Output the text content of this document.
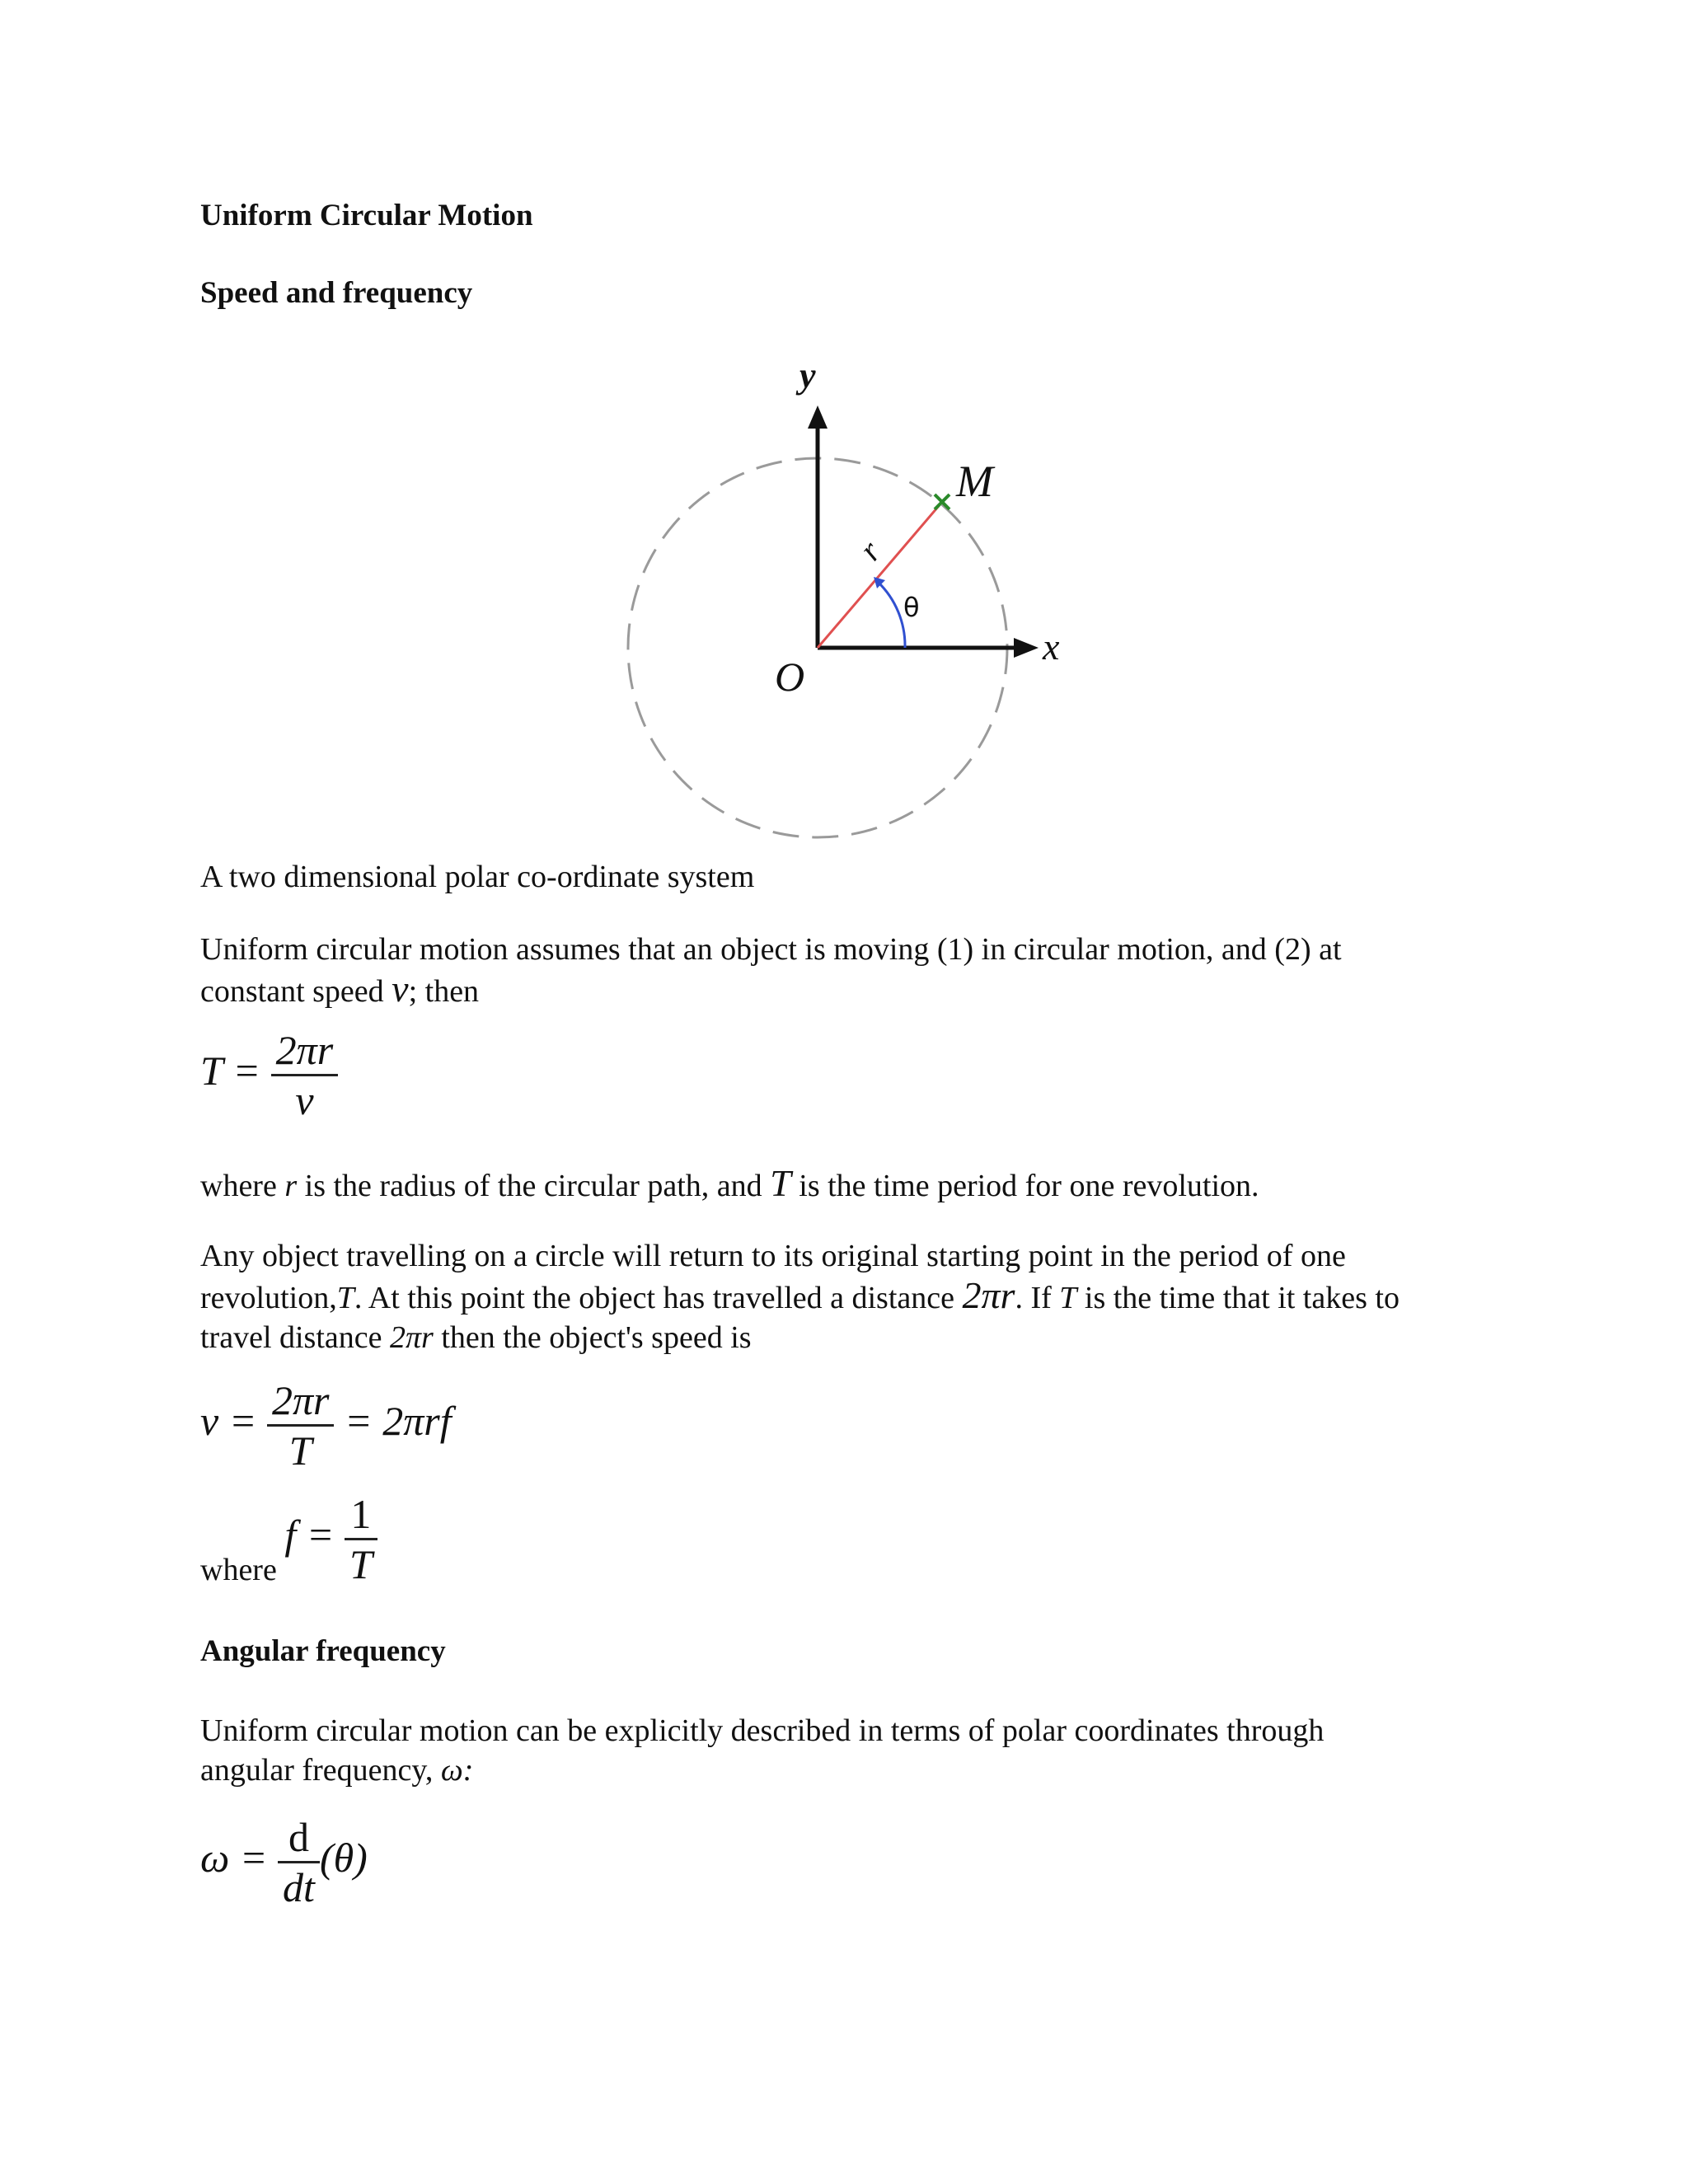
Uniform Circular Motion
Speed and frequency
y
x
O
M
r
θ
A two dimensional polar co-ordinate system
Uniform circular motion assumes that an object is moving (1) in circular motion, and (2) at
constant speed v; then
$T = \frac{2\pi r}{v}$
where r is the radius of the circular path, and T is the time period for one revolution.
Any object travelling on a circle will return to its original starting point in the period of one
revolution,T. At this point the object has travelled a distance 2πr. If T is the time that it takes to
travel distance 2πr then the object's speed is
$v = \frac{2\pi r}{T} = 2\pi rf$
where $f = \frac{1}{T}$
Angular frequency
Uniform circular motion can be explicitly described in terms of polar coordinates through
angular frequency, ω:
$\omega = \frac{d}{dt} (\theta)$
